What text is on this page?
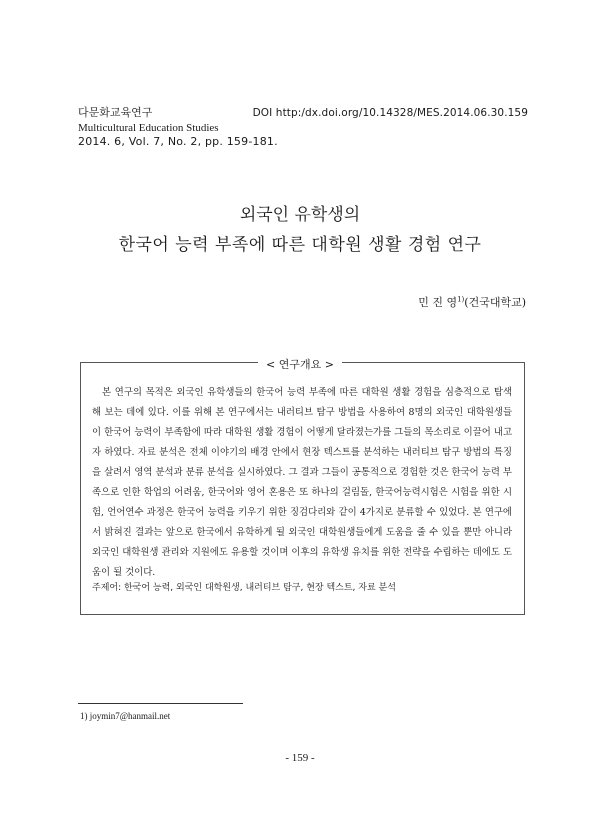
다문화교육연구	DOI http:/dx.doi.org/10.14328/MES.2014.06.30.159
Multicultural Education Studies
2014. 6, Vol. 7, No. 2, pp. 159-181.
외국인 유학생의
한국어 능력 부족에 따른 대학원 생활 경험 연구
민 진 영$^{1)}$(건국대학교)
< 연구개요 >
본 연구의 목적은 외국인 유학생들의 한국어 능력 부족에 따른 대학원 생활 경험을 심층적으로 탐색해 보는 데에 있다. 이를 위해 본 연구에서는 내러티브 탐구 방법을 사용하여 8명의 외국인 대학원생들이 한국어 능력이 부족함에 따라 대학원 생활 경험이 어떻게 달라졌는가를 그들의 목소리로 이끌어 내고자 하였다. 자료 분석은 전체 이야기의 배경 안에서 현장 텍스트를 분석하는 내러티브 탐구 방법의 특징을 살려서 영역 분석과 분류 분석을 실시하였다. 그 결과 그들이 공통적으로 경험한 것은 한국어 능력 부족으로 인한 학업의 어려움, 한국어와 영어 혼용은 또 하나의 걸림돌, 한국어능력시험은 시험을 위한 시험, 언어연수 과정은 한국어 능력을 키우기 위한 징검다리와 같이 4가지로 분류할 수 있었다. 본 연구에서 밝혀진 결과는 앞으로 한국에서 유학하게 될 외국인 대학원생들에게 도움을 줄 수 있을 뿐만 아니라 외국인 대학원생 관리와 지원에도 유용할 것이며 이후의 유학생 유치를 위한 전략을 수립하는 데에도 도움이 될 것이다.
주제어: 한국어 능력, 외국인 대학원생, 내러티브 탐구, 현장 텍스트, 자료 분석
1) joymin7@hanmail.net
- 159 -
